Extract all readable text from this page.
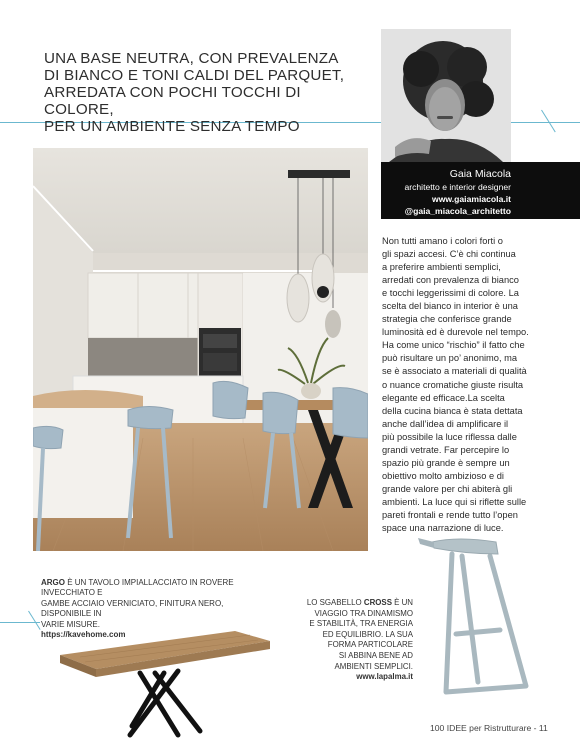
UNA BASE NEUTRA, CON PREVALENZA
DI BIANCO E TONI CALDI DEL PARQUET,
ARREDATA CON POCHI TOCCHI DI COLORE,
PER UN AMBIENTE SENZA TEMPO
Gaia Miacola
architetto e interior designer
www.gaiamiacola.it
@gaia_miacola_architetto
Non tutti amano i colori forti o
gli spazi accesi. C’è chi continua
a preferire ambienti semplici,
arredati con prevalenza di bianco
e tocchi leggerissimi di colore. La
scelta del bianco in interior è una
strategia che conferisce grande
luminosità ed è durevole nel tempo.
Ha come unico “rischio” il fatto che
può risultare un po’ anonimo, ma
se è associato a materiali di qualità
o nuance cromatiche giuste risulta
elegante ed efficace.La scelta
della cucina bianca è stata dettata
anche dall’idea di amplificare il
più possibile la luce riflessa dalle
grandi vetrate. Far percepire lo
spazio più grande è sempre un
obiettivo molto ambizioso e di
grande valore per chi abiterà gli
ambienti. La luce qui si riflette sulle
pareti frontali e rende tutto l’open
space una narrazione di luce.
ARGO È UN TAVOLO IMPIALLACCIATO IN ROVERE INVECCHIATO E
GAMBE ACCIAIO VERNICIATO, FINITURA NERO, DISPONIBILE IN
VARIE MISURE.
https://kavehome.com
LO SGABELLO CROSS È UN
VIAGGIO TRA DINAMISMO
E STABILITÀ, TRA ENERGIA
ED EQUILIBRIO. LA SUA
FORMA PARTICOLARE
SI ABBINA BENE AD
AMBIENTI SEMPLICI.
www.lapalma.it
100 IDEE per Ristrutturare - 11
